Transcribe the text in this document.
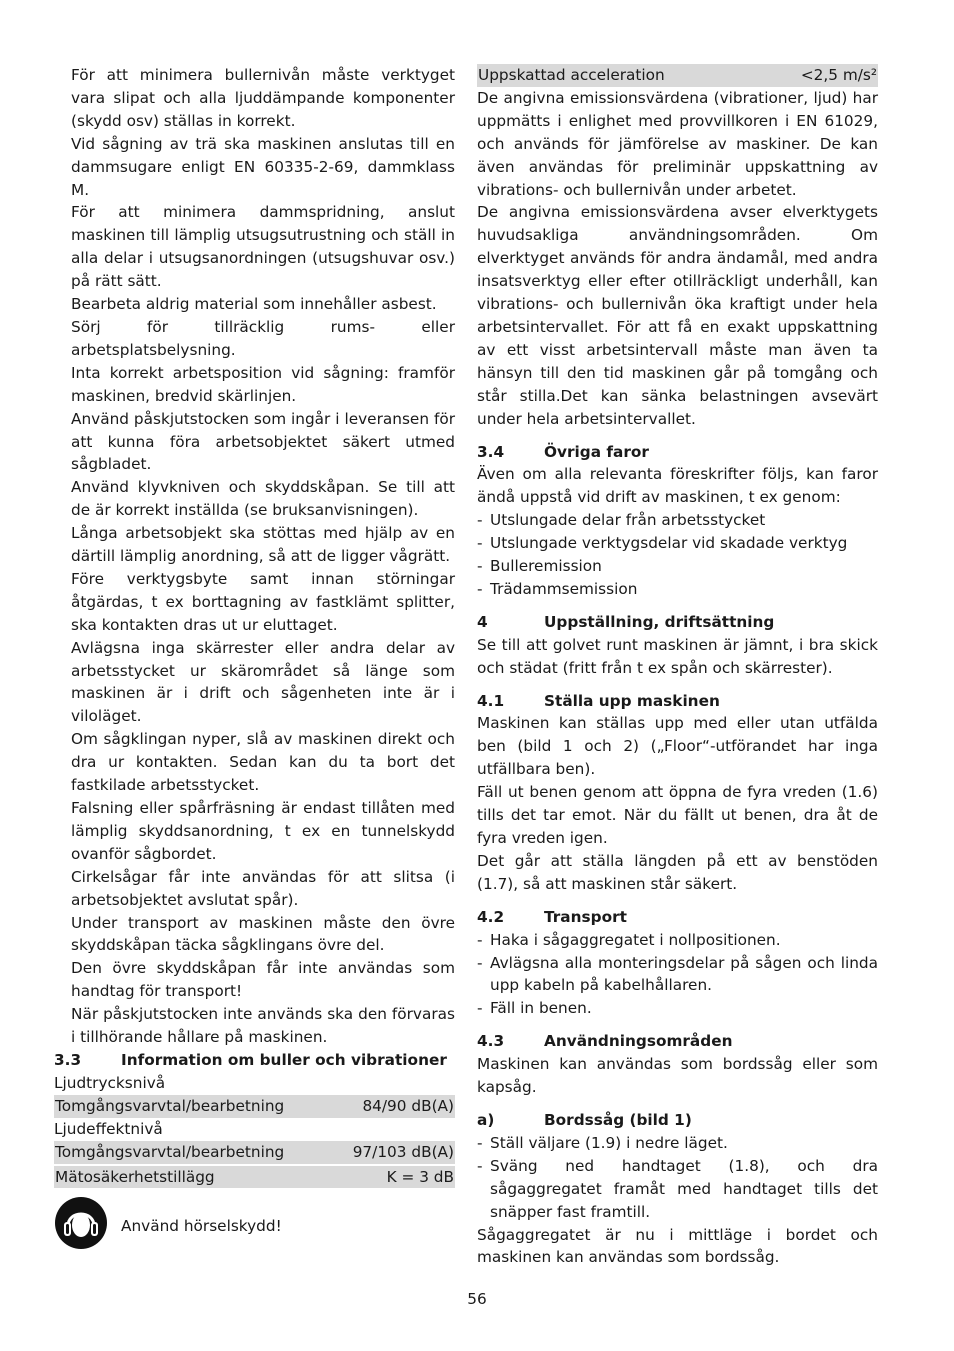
För att minimera bullernivån måste verktyget vara slipat och alla ljuddämpande komponenter (skydd osv) ställas in korrekt.

Vid sågning av trä ska maskinen anslutas till en dammsugare enligt EN 60335-2-69, dammklass M.

För att minimera dammspridning, anslut maskinen till lämplig utsugsutrustning och ställ in alla delar i utsugsanordningen (utsugshuvar osv.) på rätt sätt.

Bearbeta aldrig material som innehåller asbest.

Sörj för tillräcklig rums- eller arbetsplatsbelysning.

Inta korrekt arbetsposition vid sågning: framför maskinen, bredvid skärlinjen.

Använd påskjutstocken som ingår i leveransen för att kunna föra arbetsobjektet säkert utmed sågbladet.

Använd klyvkniven och skyddskåpan. Se till att de är korrekt inställda (se bruksanvisningen).

Långa arbetsobjekt ska stöttas med hjälp av en därtill lämplig anordning, så att de ligger vågrätt.

Före verktygsbyte samt innan störningar åtgärdas, t ex borttagning av fastklämt splitter, ska kontakten dras ut ur eluttaget.

Avlägsna inga skärrester eller andra delar av arbetsstycket ur skärområdet så länge som maskinen är i drift och sågenheten inte är i viloläget.

Om sågklingan nyper, slå av maskinen direkt och dra ur kontakten. Sedan kan du ta bort det fastkilade arbetsstycket.

Falsning eller spårfräsning är endast tillåten med lämplig skyddsanordning, t ex en tunnelskydd ovanför sågbordet.

Cirkelsågar får inte användas för att slitsa (i arbetsobjektet avslutat spår).

Under transport av maskinen måste den övre skyddskåpan täcka sågklingans övre del.

Den övre skyddskåpan får inte användas som handtag för transport!

När påskjutstocken inte används ska den förvaras i tillhörande hållare på maskinen.

3.3	Information om buller och vibrationer

Ljudtrycksnivå

Tomgångsvarvtal/bearbetning	84/90 dB(A)

Ljudeffektnivå

Tomgångsvarvtal/bearbetning	97/103 dB(A)
Mätosäkerhetstillägg	K = 3 dB
Använd hörselskydd!
Uppskattad acceleration	<2,5 m/s²

De angivna emissionsvärdena (vibrationer, ljud) har uppmätts i enlighet med provvillkoren i EN 61029, och används för jämförelse av maskiner. De kan även användas för preliminär uppskattning av vibrations- och bullernivån under arbetet.

De angivna emissionsvärdena avser elverktygets huvudsakliga användningsområden. Om elverktyget används för andra ändamål, med andra insatsverktyg eller efter otillräckligt underhåll, kan vibrations- och bullernivån öka kraftigt under hela arbetsintervallet. För att få en exakt uppskattning av ett visst arbetsintervall måste man även ta hänsyn till den tid maskinen går på tomgång och står stilla.Det kan sänka belastningen avsevärt under hela arbetsintervallet.

3.4	Övriga faror

Även om alla relevanta föreskrifter följs, kan faror ändå uppstå vid drift av maskinen, t ex genom:

- Utslungade delar från arbetsstycket
- Utslungade verktygsdelar vid skadade verktyg
- Bulleremission
- Trädammsemission

4	Uppställning, driftsättning

Se till att golvet runt maskinen är jämnt, i bra skick och städat (fritt från t ex spån och skärrester).

4.1	Ställa upp maskinen

Maskinen kan ställas upp med eller utan utfälda ben (bild 1 och 2) („Floor“-utförandet har inga utfällbara ben).

Fäll ut benen genom att öppna de fyra vreden (1.6) tills det tar emot. När du fällt ut benen, dra åt de fyra vreden igen.

Det går att ställa längden på ett av benstöden (1.7), så att maskinen står säkert.

4.2	Transport

- Haka i sågaggregatet i nollpositionen.
- Avlägsna alla monteringsdelar på sågen och linda upp kabeln på kabelhållaren.
- Fäll in benen.

4.3	Användningsområden

Maskinen kan användas som bordssåg eller som kapsåg.

a)	Bordssåg (bild 1)

- Ställ väljare (1.9) i nedre läget.
- Sväng ned handtaget (1.8), och dra sågaggregatet framåt med handtaget tills det snäpper fast framtill.

Sågaggregatet är nu i mittläge i bordet och maskinen kan användas som bordssåg.

56
